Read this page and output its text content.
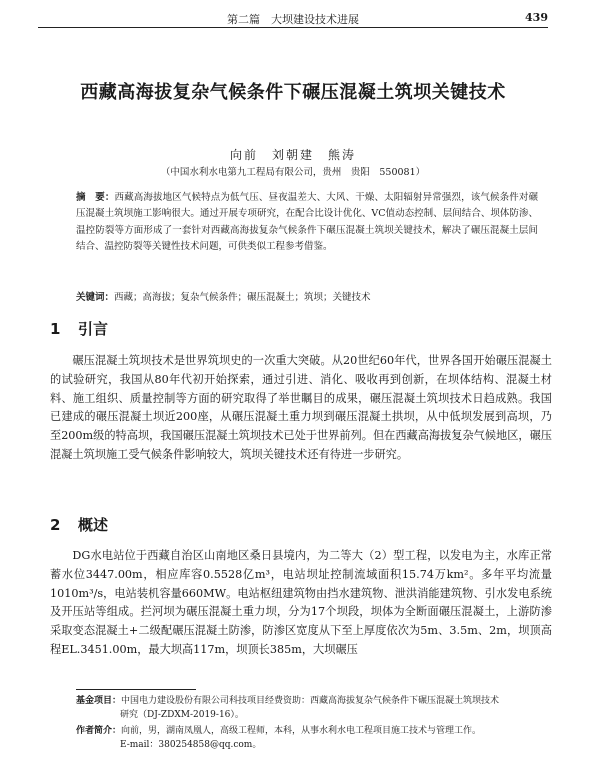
第二篇　大坝建设技术进展	439
西藏高海拔复杂气候条件下碾压混凝土筑坝关键技术
向前　刘朝建　熊涛
（中国水利水电第九工程局有限公司，贵州　贵阳　550081）
摘　要：西藏高海拔地区气候特点为低气压、昼夜温差大、大风、干燥、太阳辐射异常强烈，该气候条件对碾压混凝土筑坝施工影响很大。通过开展专项研究，在配合比设计优化、VC值动态控制、层间结合、坝体防渗、温控防裂等方面形成了一套针对西藏高海拔复杂气候条件下碾压混凝土筑坝关键技术，解决了碾压混凝土层间结合、温控防裂等关键性技术问题，可供类似工程参考借鉴。
关键词：西藏；高海拔；复杂气候条件；碾压混凝土；筑坝；关键技术
1 引言
碾压混凝土筑坝技术是世界筑坝史的一次重大突破。从20世纪60年代，世界各国开始碾压混凝土的试验研究，我国从80年代初开始探索，通过引进、消化、吸收再到创新，在坝体结构、混凝土材料、施工组织、质量控制等方面的研究取得了举世瞩目的成果，碾压混凝土筑坝技术日趋成熟。我国已建成的碾压混凝土坝近200座，从碾压混凝土重力坝到碾压混凝土拱坝，从中低坝发展到高坝，乃至200m级的特高坝，我国碾压混凝土筑坝技术已处于世界前列。但在西藏高海拔复杂气候地区，碾压混凝土筑坝施工受气候条件影响较大，筑坝关键技术还有待进一步研究。
2 概述
DG水电站位于西藏自治区山南地区桑日县境内，为二等大（2）型工程，以发电为主，水库正常蓄水位3447.00m，相应库容0.5528亿m³，电站坝址控制流域面积15.74万km²。多年平均流量1010m³/s，电站装机容量660MW。电站枢纽建筑物由挡水建筑物、泄洪消能建筑物、引水发电系统及开压站等组成。拦河坝为碾压混凝土重力坝，分为17个坝段，坝体为全断面碾压混凝土，上游防渗采取变态混凝土+二级配碾压混凝土防渗，防渗区宽度从下至上厚度依次为5m、3.5m、2m，坝顶高程EL.3451.00m，最大坝高117m，坝顶长385m，大坝碾压
基金项目：中国电力建设股份有限公司科技项目经费资助：西藏高海拔复杂气候条件下碾压混凝土筑坝技术
研究（DJ-ZDXM-2019-16）。
作者简介：向前，男，湖南凤凰人，高级工程师，本科，从事水利水电工程项目施工技术与管理工作。
E-mail：380254858@qq.com。
